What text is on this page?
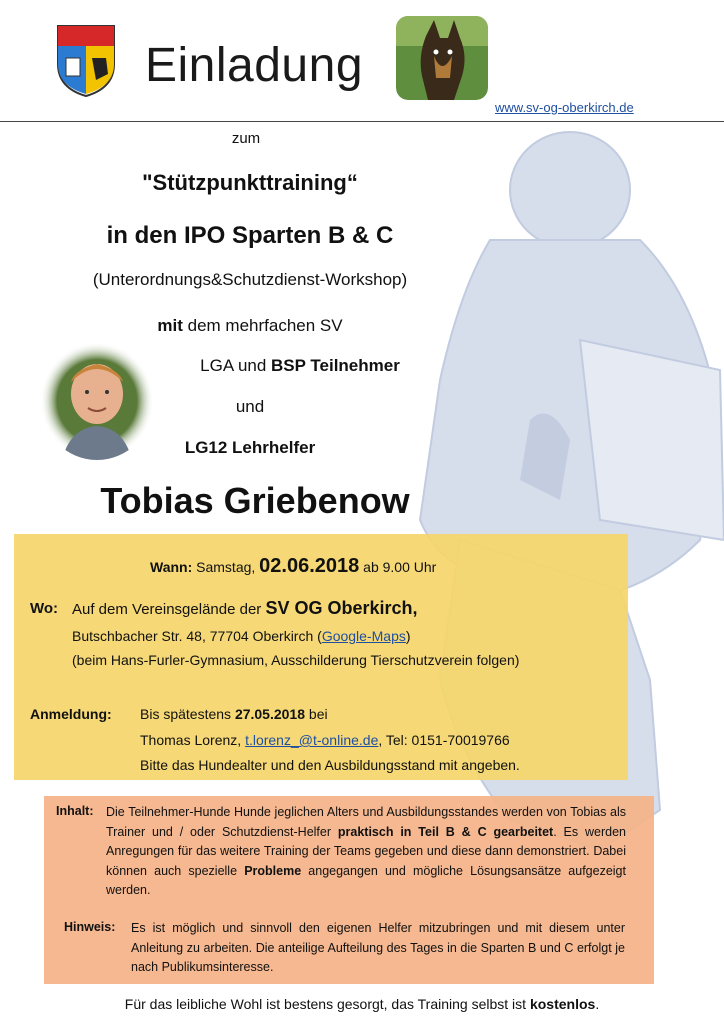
Einladung
www.sv-og-oberkirch.de
zum
"Stützpunkttraining“
in den IPO Sparten B & C
(Unterordnungs&Schutzdienst-Workshop)
mit dem mehrfachen SV
LGA und BSP Teilnehmer
und
LG12 Lehrhelfer
Tobias Griebenow
Wann: Samstag, 02.06.2018 ab 9.00 Uhr
Wo: Auf dem Vereinsgelände der SV OG Oberkirch,
Butschbacher Str. 48, 77704 Oberkirch (Google-Maps)
(beim Hans-Furler-Gymnasium, Ausschilderung Tierschutzverein folgen)
Anmeldung: Bis spätestens 27.05.2018 bei
Thomas Lorenz, t.lorenz_@t-online.de, Tel: 0151-70019766
Bitte das Hundealter und den Ausbildungsstand mit angeben.
Inhalt: Die Teilnehmer-Hunde Hunde jeglichen Alters und Ausbildungsstandes werden von Tobias als Trainer und / oder Schutzdienst-Helfer praktisch in Teil B & C gearbeitet. Es werden Anregungen für das weitere Training der Teams gegeben und diese dann demonstriert. Dabei können auch spezielle Probleme angegangen und mögliche Lösungsansätze aufgezeigt werden.
Hinweis: Es ist möglich und sinnvoll den eigenen Helfer mitzubringen und mit diesem unter Anleitung zu arbeiten. Die anteilige Aufteilung des Tages in die Sparten B und C erfolgt je nach Publikumsinteresse.
Für das leibliche Wohl ist bestens gesorgt, das Training selbst ist kostenlos.
